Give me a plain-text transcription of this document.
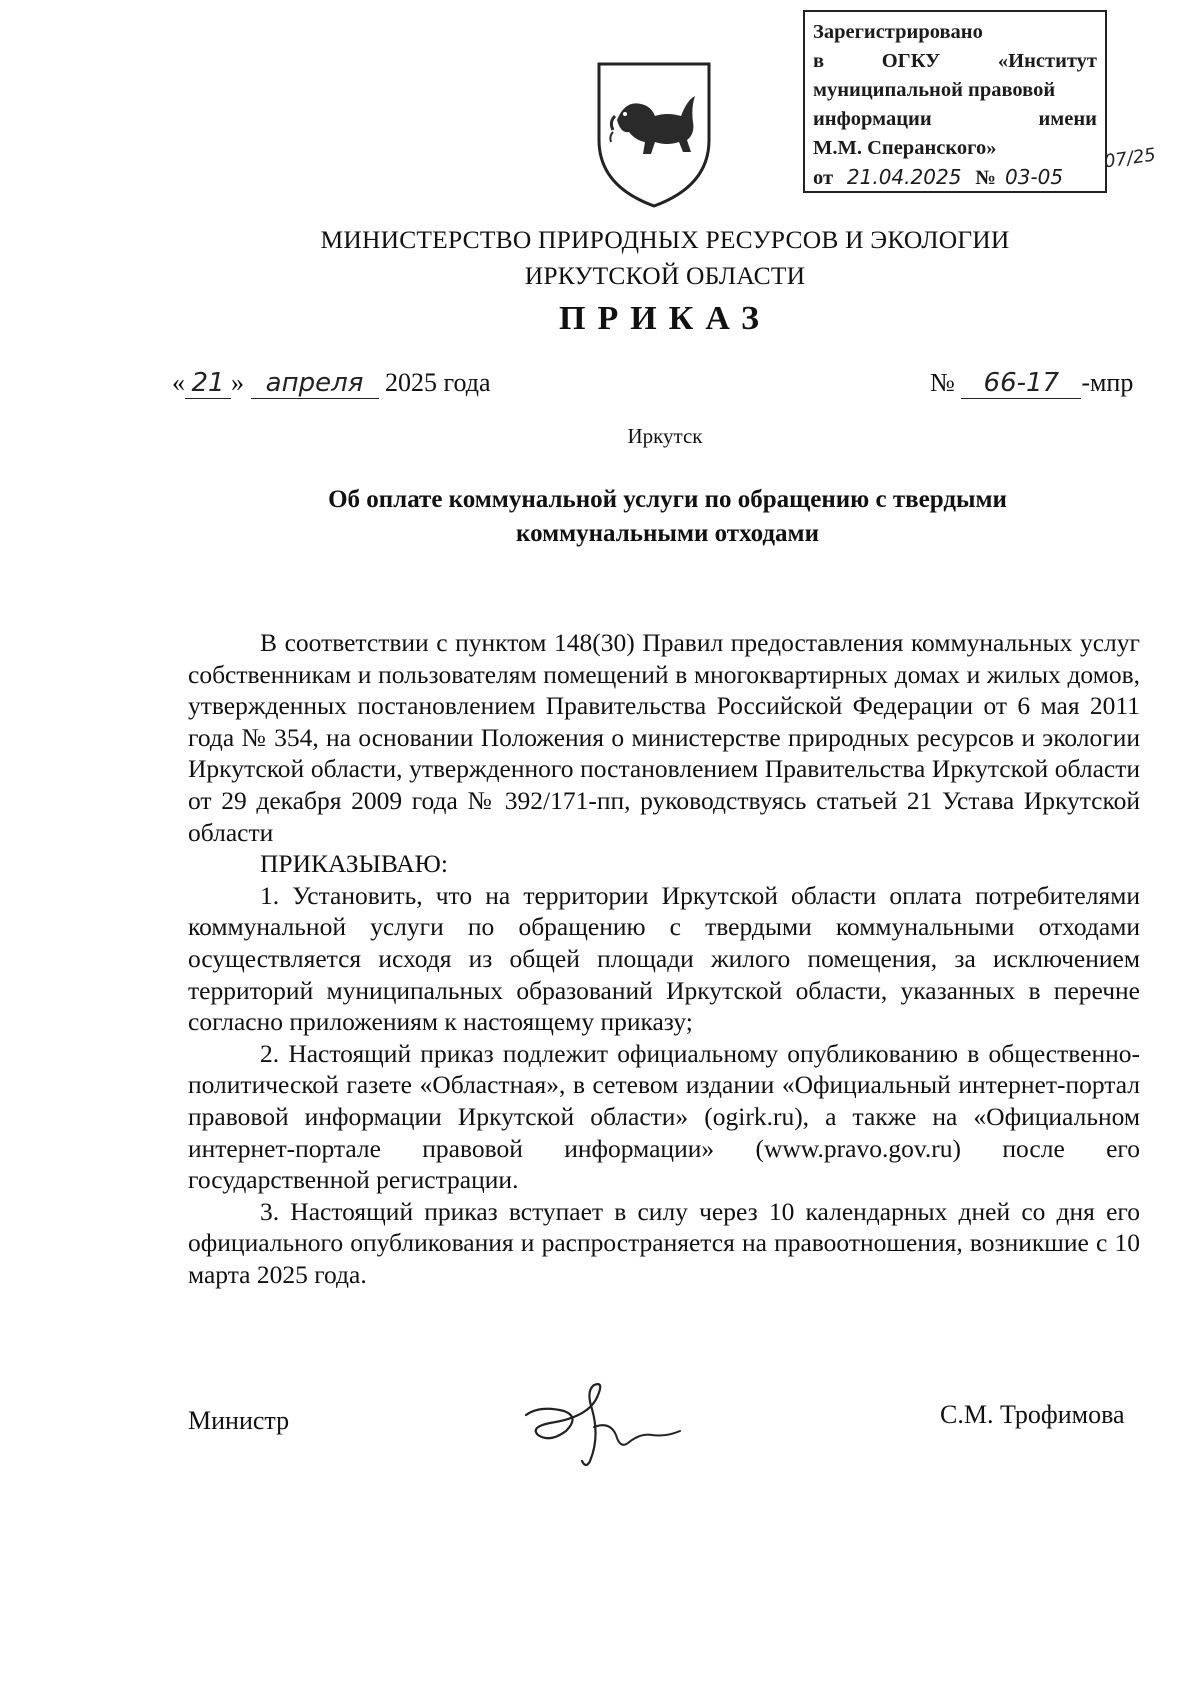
Зарегистрировано
в	ОГКУ	«Институт
муниципальной правовой
информации	имени
М.М. Сперанского»
от 21.04.2025 № 03-05
07/25
МИНИСТЕРСТВО ПРИРОДНЫХ РЕСУРСОВ И ЭКОЛОГИИ
ИРКУТСКОЙ ОБЛАСТИ
ПРИКАЗ
« 21 » апреля 2025 года	№ 66-17 -мпр
Иркутск
Об оплате коммунальной услуги по обращению с твердыми
коммунальными отходами

В соответствии с пунктом 148(30) Правил предоставления коммунальных услуг собственникам и пользователям помещений в многоквартирных домах и жилых домов, утвержденных постановлением Правительства Российской Федерации от 6 мая 2011 года № 354, на основании Положения о министерстве природных ресурсов и экологии Иркутской области, утвержденного постановлением Правительства Иркутской области от 29 декабря 2009 года № 392/171-пп, руководствуясь статьей 21 Устава Иркутской области

ПРИКАЗЫВАЮ:

1. Установить, что на территории Иркутской области оплата потребителями коммунальной услуги по обращению с твердыми коммунальными отходами осуществляется исходя из общей площади жилого помещения, за исключением территорий муниципальных образований Иркутской области, указанных в перечне согласно приложениям к настоящему приказу;

2. Настоящий приказ подлежит официальному опубликованию в общественно-политической газете «Областная», в сетевом издании «Официальный интернет-портал правовой информации Иркутской области» (ogirk.ru), а также на «Официальном интернет-портале правовой информации» (www.pravo.gov.ru) после его государственной регистрации.

3. Настоящий приказ вступает в силу через 10 календарных дней со дня его официального опубликования и распространяется на правоотношения, возникшие с 10 марта 2025 года.

Министр	С.М. Трофимова
